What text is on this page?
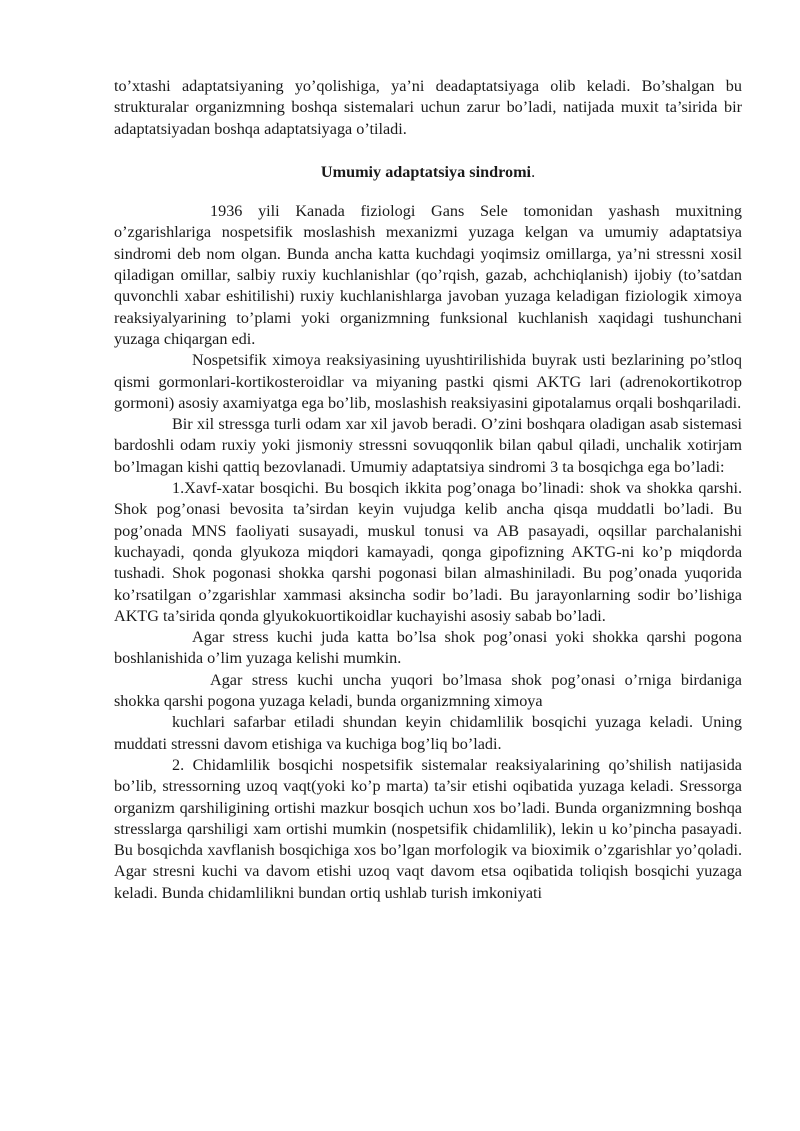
to’xtashi adaptatsiyaning yo’qolishiga, ya’ni deadaptatsiyaga olib keladi. Bo’shalgan bu strukturalar organizmning boshqa sistemalari uchun zarur bo’ladi, natijada muxit ta’sirida bir adaptatsiyadan boshqa adaptatsiyaga o’tiladi.

Umumiy adaptatsiya sindromi.

1936 yili Kanada fiziologi Gans Sele tomonidan yashash muxitning o’zgarishlariga nospetsifik moslashish mexanizmi yuzaga kelgan va umumiy adaptatsiya sindromi deb nom olgan. Bunda ancha katta kuchdagi yoqimsiz omillarga, ya’ni stressni xosil qiladigan omillar, salbiy ruxiy kuchlanishlar (qo’rqish, gazab, achchiqlanish) ijobiy (to’satdan quvonchli xabar eshitilishi) ruxiy kuchlanishlarga javoban yuzaga keladigan fiziologik ximoya reaksiyalyarining to’plami yoki organizmning funksional kuchlanish xaqidagi tushunchani yuzaga chiqargan edi.

Nospetsifik ximoya reaksiyasining uyushtirilishida buyrak usti bezlarining po’stloq qismi gormonlari-kortikosteroidlar va miyaning pastki qismi AKTG lari (adrenokortikotrop gormoni) asosiy axamiyatga ega bo’lib, moslashish reaksiyasini gipotalamus orqali boshqariladi.

Bir xil stressga turli odam xar xil javob beradi. O’zini boshqara oladigan asab sistemasi bardoshli odam ruxiy yoki jismoniy stressni sovuqqonlik bilan qabul qiladi, unchalik xotirjam bo’lmagan kishi qattiq bezovlanadi. Umumiy adaptatsiya sindromi 3 ta bosqichga ega bo’ladi:

1.Xavf-xatar bosqichi. Bu bosqich ikkita pog’onaga bo’linadi: shok va shokka qarshi. Shok pog’onasi bevosita ta’sirdan keyin vujudga kelib ancha qisqa muddatli bo’ladi. Bu pog’onada MNS faoliyati susayadi, muskul tonusi va AB pasayadi, oqsillar parchalanishi kuchayadi, qonda glyukoza miqdori kamayadi, qonga gipofizning AKTG-ni ko’p miqdorda tushadi. Shok pogonasi shokka qarshi pogonasi bilan almashiniladi. Bu pog’onada yuqorida ko’rsatilgan o’zgarishlar xammasi aksincha sodir bo’ladi. Bu jarayonlarning sodir bo’lishiga AKTG ta’sirida qonda glyukokuortikoidlar kuchayishi asosiy sabab bo’ladi.

Agar stress kuchi juda katta bo’lsa shok pog’onasi yoki shokka qarshi pogona boshlanishida o’lim yuzaga kelishi mumkin.

Agar stress kuchi uncha yuqori bo’lmasa shok pog’onasi o’rniga birdaniga shokka qarshi pogona yuzaga keladi, bunda organizmning ximoya

kuchlari safarbar etiladi shundan keyin chidamlilik bosqichi yuzaga keladi. Uning muddati stressni davom etishiga va kuchiga bog’liq bo’ladi.

2. Chidamlilik bosqichi nospetsifik sistemalar reaksiyalarining qo’shilish natijasida bo’lib, stressorning uzoq vaqt(yoki ko’p marta) ta’sir etishi oqibatida yuzaga keladi. Sressorga organizm qarshiligining ortishi mazkur bosqich uchun xos bo’ladi. Bunda organizmning boshqa stresslarga qarshiligi xam ortishi mumkin (nospetsifik chidamlilik), lekin u ko’pincha pasayadi. Bu bosqichda xavflanish bosqichiga xos bo’lgan morfologik va bioximik o’zgarishlar yo’qoladi. Agar stresni kuchi va davom etishi uzoq vaqt davom etsa oqibatida toliqish bosqichi yuzaga keladi. Bunda chidamlilikni bundan ortiq ushlab turish imkoniyati
